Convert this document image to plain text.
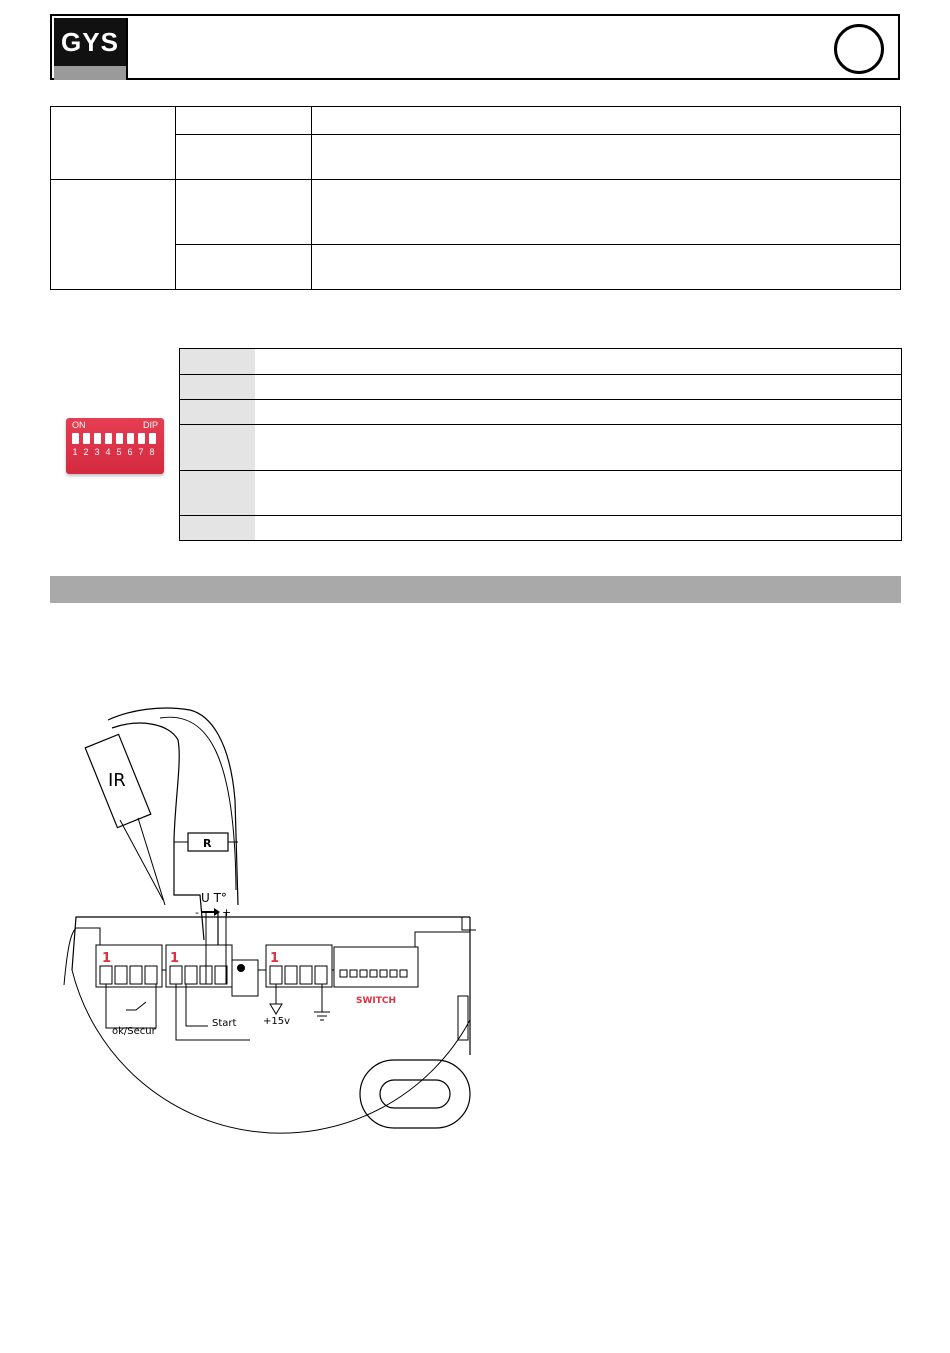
GYS
ON	DIP
1 2 3 4 5 6 7 8
IR
R
U T°
- +
1	1	1
SWITCH
ok/Secur
Start	+15v
